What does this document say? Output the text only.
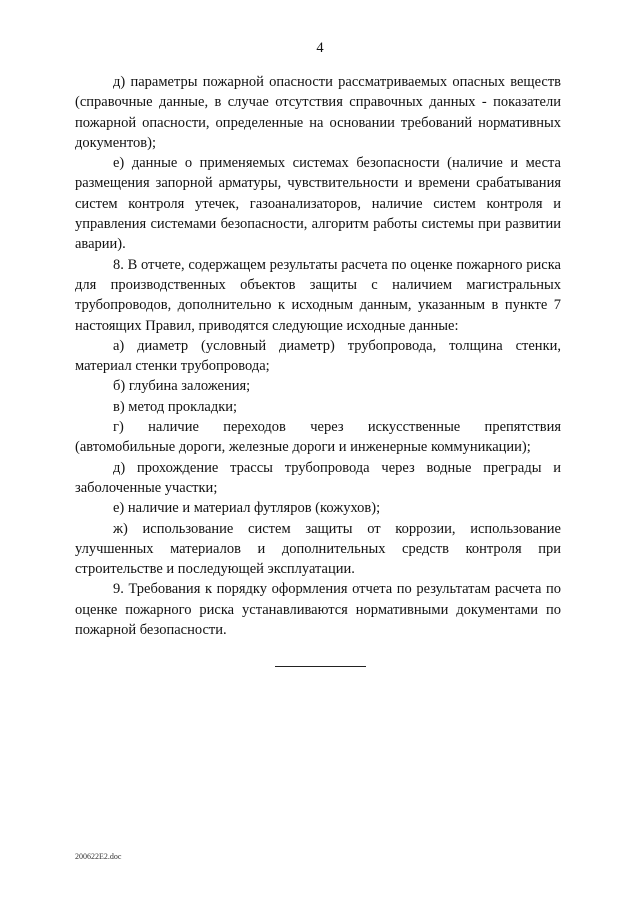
4

д) параметры пожарной опасности рассматриваемых опасных веществ (справочные данные, в случае отсутствия справочных данных - показатели пожарной опасности, определенные на основании требований нормативных документов);

е) данные о применяемых системах безопасности (наличие и места размещения запорной арматуры, чувствительности и времени срабатывания систем контроля утечек, газоанализаторов, наличие систем контроля и управления системами безопасности, алгоритм работы системы при развитии аварии).

8. В отчете, содержащем результаты расчета по оценке пожарного риска для производственных объектов защиты с наличием магистральных трубопроводов, дополнительно к исходным данным, указанным в пункте 7 настоящих Правил, приводятся следующие исходные данные:

а) диаметр (условный диаметр) трубопровода, толщина стенки, материал стенки трубопровода;

б) глубина заложения;

в) метод прокладки;

г) наличие переходов через искусственные препятствия (автомобильные дороги, железные дороги и инженерные коммуникации);

д) прохождение трассы трубопровода через водные преграды и заболоченные участки;

е) наличие и материал футляров (кожухов);

ж) использование систем защиты от коррозии, использование улучшенных материалов и дополнительных средств контроля при строительстве и последующей эксплуатации.

9. Требования к порядку оформления отчета по результатам расчета по оценке пожарного риска устанавливаются нормативными документами по пожарной безопасности.

200622E2.doc
